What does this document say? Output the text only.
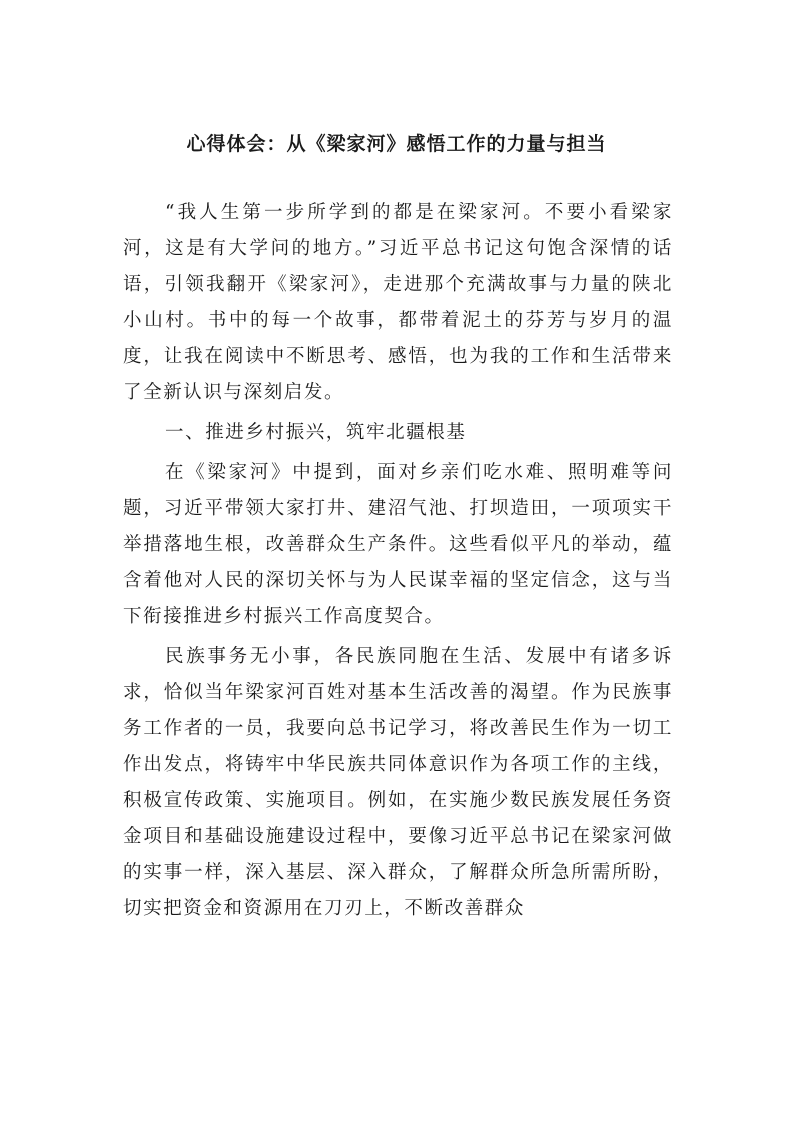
心得体会：从《梁家河》感悟工作的力量与担当

“我人生第一步所学到的都是在梁家河。不要小看梁家河，这是有大学问的地方。”习近平总书记这句饱含深情的话语，引领我翻开《梁家河》，走进那个充满故事与力量的陕北小山村。书中的每一个故事，都带着泥土的芬芳与岁月的温度，让我在阅读中不断思考、感悟，也为我的工作和生活带来了全新认识与深刻启发。

一、推进乡村振兴，筑牢北疆根基

在《梁家河》中提到，面对乡亲们吃水难、照明难等问题，习近平带领大家打井、建沼气池、打坝造田，一项项实干举措落地生根，改善群众生产条件。这些看似平凡的举动，蕴含着他对人民的深切关怀与为人民谋幸福的坚定信念，这与当下衔接推进乡村振兴工作高度契合。

民族事务无小事，各民族同胞在生活、发展中有诸多诉求，恰似当年梁家河百姓对基本生活改善的渴望。作为民族事务工作者的一员，我要向总书记学习，将改善民生作为一切工作出发点，将铸牢中华民族共同体意识作为各项工作的主线，积极宣传政策、实施项目。例如，在实施少数民族发展任务资金项目和基础设施建设过程中，要像习近平总书记在梁家河做的实事一样，深入基层、深入群众，了解群众所急所需所盼，切实把资金和资源用在刀刃上，不断改善群众
